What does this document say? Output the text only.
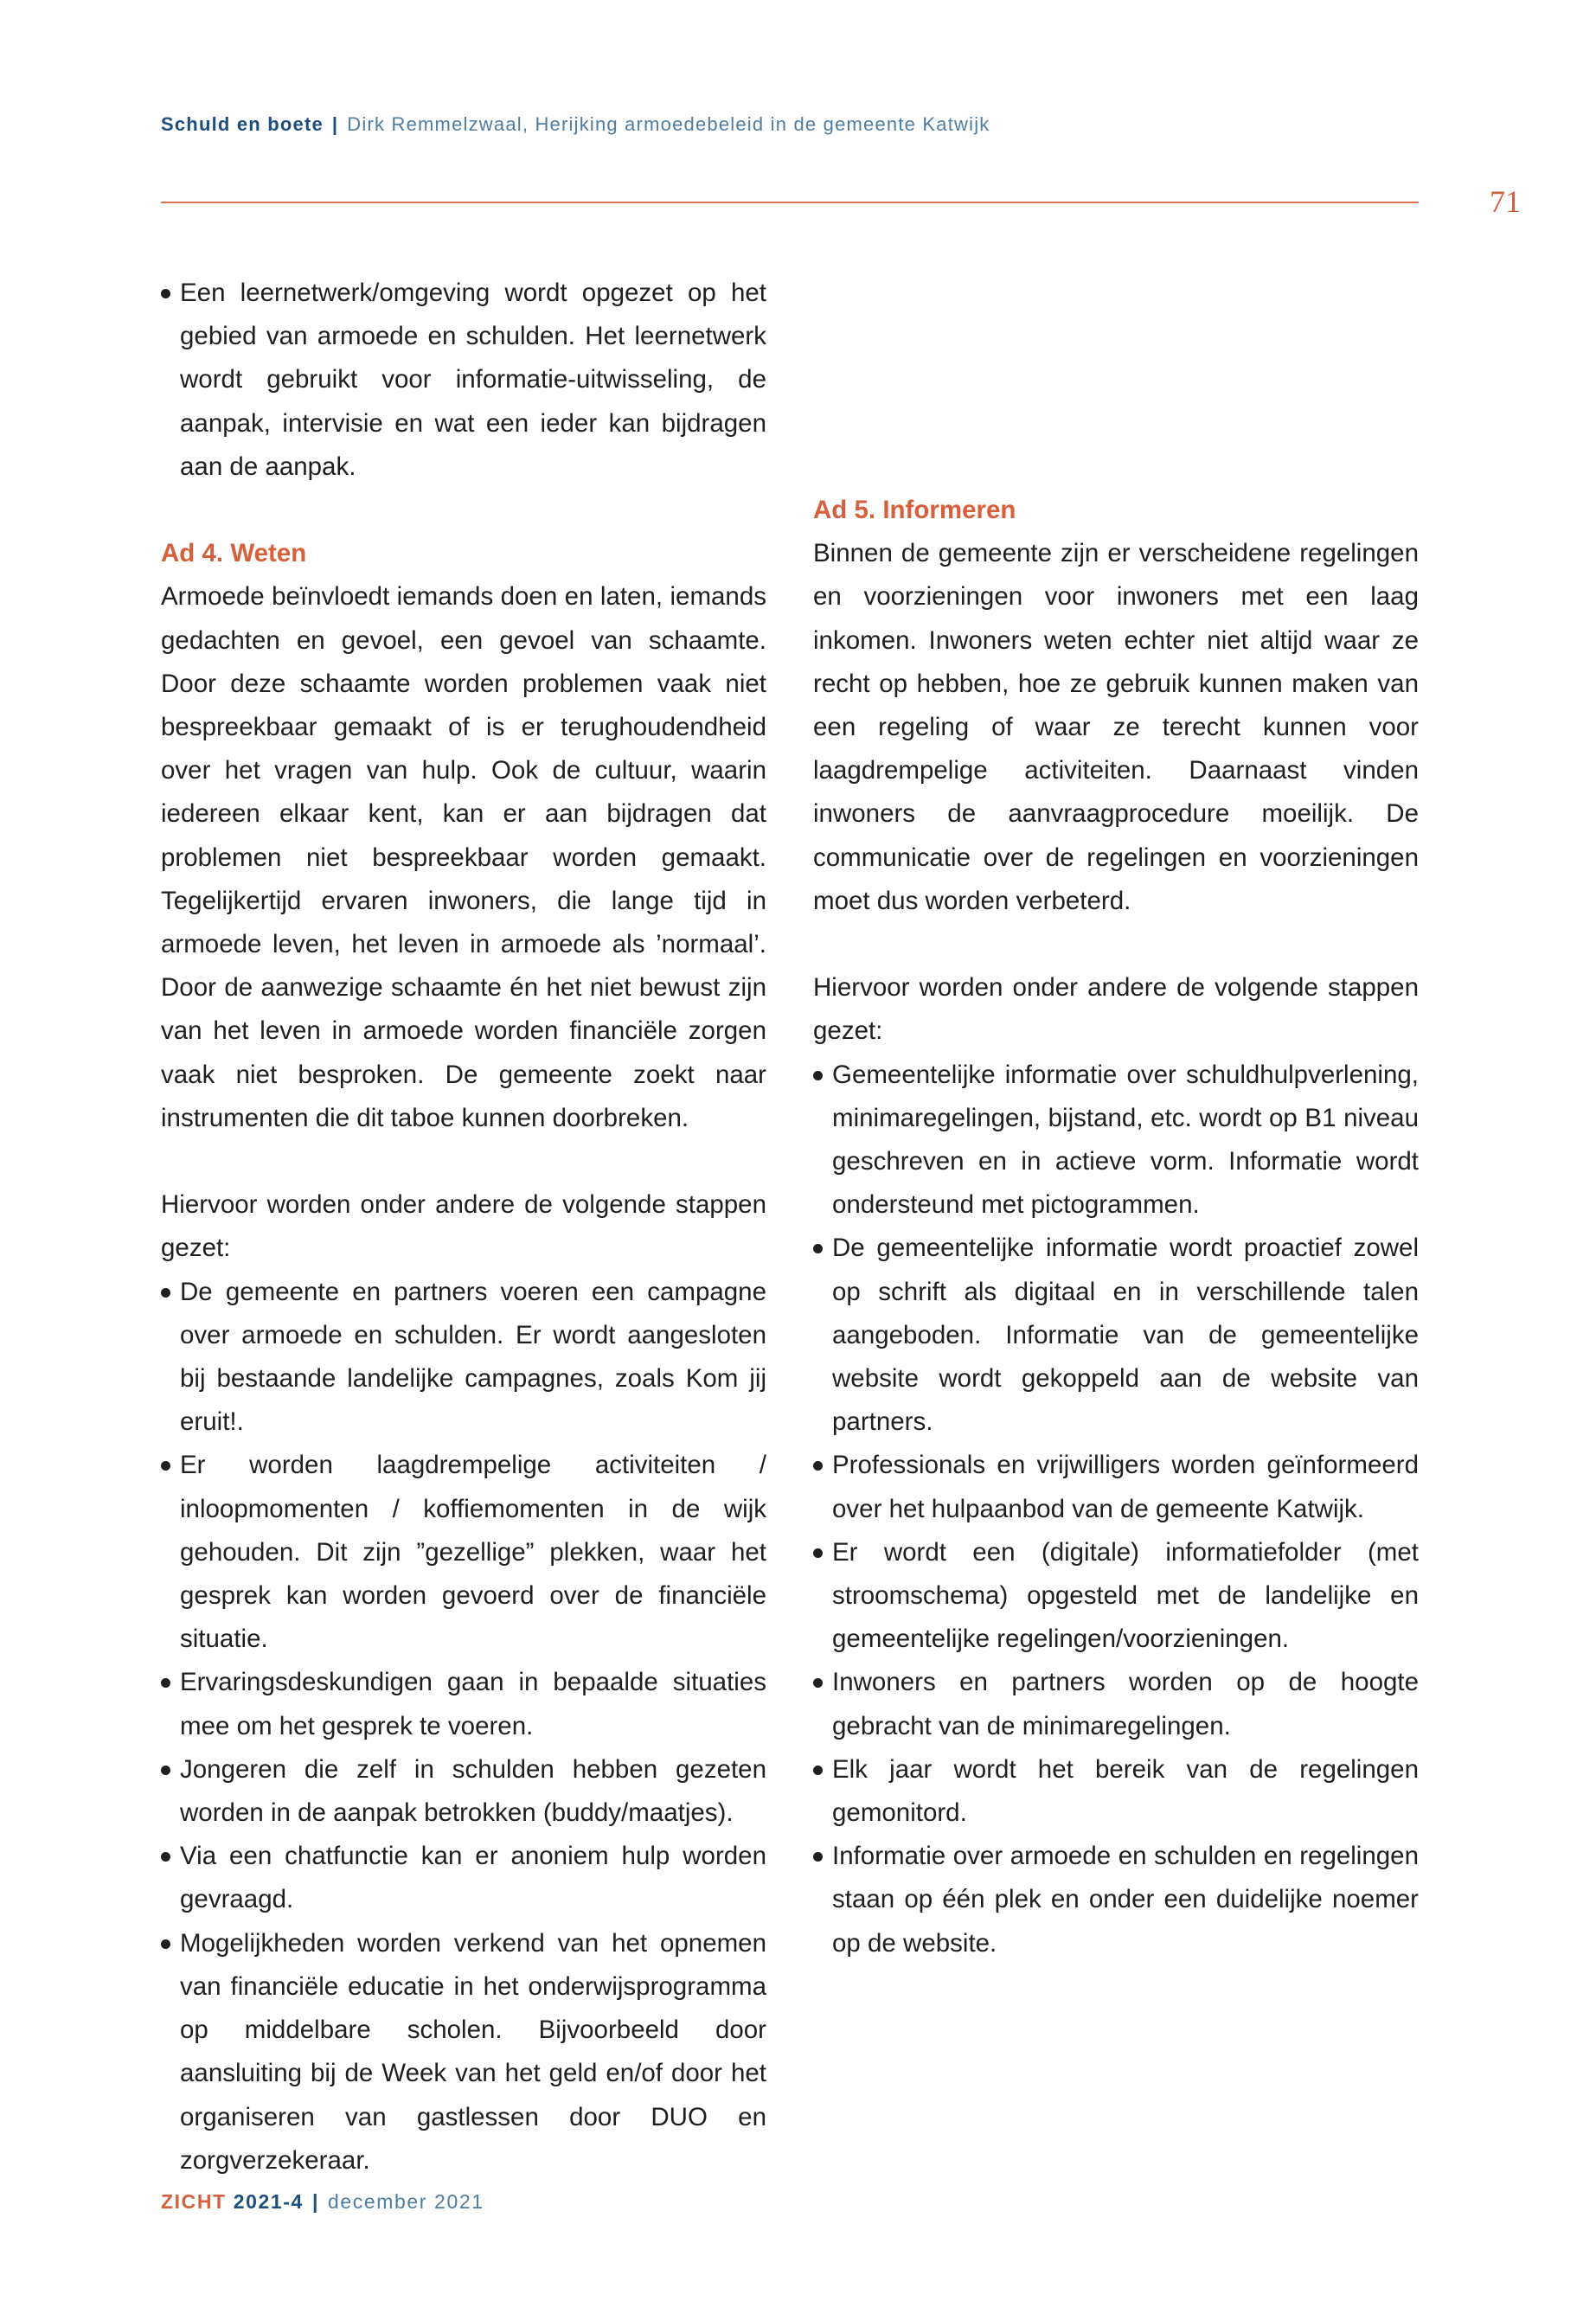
Schuld en boete | Dirk Remmelzwaal, Herijking armoedebeleid in de gemeente Katwijk
71
Een leernetwerk/omgeving wordt opgezet op het gebied van armoede en schulden. Het leernetwerk wordt gebruikt voor informatie-uitwisseling, de aanpak, intervisie en wat een ieder kan bijdragen aan de aanpak.
Ad 4. Weten

Armoede beïnvloedt iemands doen en laten, iemands gedachten en gevoel, een gevoel van schaamte. Door deze schaamte worden problemen vaak niet bespreekbaar gemaakt of is er terughoudendheid over het vragen van hulp. Ook de cultuur, waarin iedereen elkaar kent, kan er aan bijdragen dat problemen niet bespreekbaar worden gemaakt. Tegelijkertijd ervaren inwoners, die lange tijd in armoede leven, het leven in armoede als ’normaal’. Door de aanwezige schaamte én het niet bewust zijn van het leven in armoede worden financiële zorgen vaak niet besproken. De gemeente zoekt naar instrumenten die dit taboe kunnen doorbreken.

Hiervoor worden onder andere de volgende stappen gezet:

De gemeente en partners voeren een campagne over armoede en schulden. Er wordt aangesloten bij bestaande landelijke campagnes, zoals Kom jij eruit!.
Er worden laagdrempelige activiteiten / inloopmomenten / koffiemomenten in de wijk gehouden. Dit zijn ”gezellige” plekken, waar het gesprek kan worden gevoerd over de financiële situatie.
Ervaringsdeskundigen gaan in bepaalde situaties mee om het gesprek te voeren.
Jongeren die zelf in schulden hebben gezeten worden in de aanpak betrokken (buddy/maatjes).
Via een chatfunctie kan er anoniem hulp worden gevraagd.
Mogelijkheden worden verkend van het opnemen van financiële educatie in het onderwijsprogramma op middelbare scholen. Bijvoorbeeld door aansluiting bij de Week van het geld en/of door het organiseren van gastlessen door DUO en zorgverzekeraar.
Ad 5. Informeren

Binnen de gemeente zijn er verscheidene regelingen en voorzieningen voor inwoners met een laag inkomen. Inwoners weten echter niet altijd waar ze recht op hebben, hoe ze gebruik kunnen maken van een regeling of waar ze terecht kunnen voor laagdrempelige activiteiten. Daarnaast vinden inwoners de aanvraagprocedure moeilijk. De communicatie over de regelingen en voorzieningen moet dus worden verbeterd.

Hiervoor worden onder andere de volgende stappen gezet:

Gemeentelijke informatie over schuldhulpverlening, minimaregelingen, bijstand, etc. wordt op B1 niveau geschreven en in actieve vorm. Informatie wordt ondersteund met pictogrammen.
De gemeentelijke informatie wordt proactief zowel op schrift als digitaal en in verschillende talen aangeboden. Informatie van de gemeentelijke website wordt gekoppeld aan de website van partners.
Professionals en vrijwilligers worden geïnformeerd over het hulpaanbod van de gemeente Katwijk.
Er wordt een (digitale) informatiefolder (met stroomschema) opgesteld met de landelijke en gemeentelijke regelingen/voorzieningen.
Inwoners en partners worden op de hoogte gebracht van de minimaregelingen.
Elk jaar wordt het bereik van de regelingen gemonitord.
Informatie over armoede en schulden en regelingen staan op één plek en onder een duidelijke noemer op de website.
ZICHT 2021-4 | december 2021
